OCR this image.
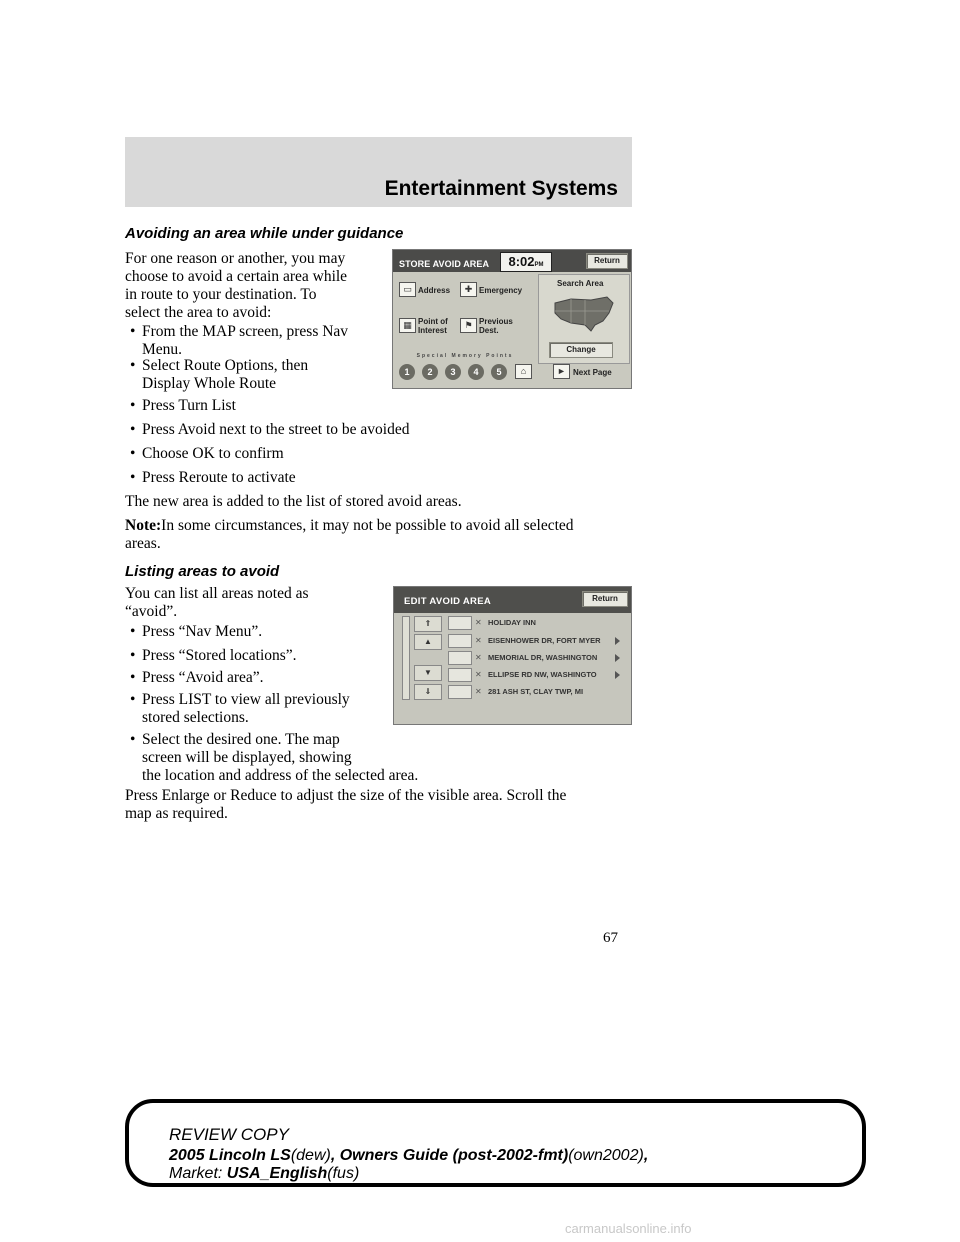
Entertainment Systems
Avoiding an area while under guidance
For one reason or another, you may
choose to avoid a certain area while
in route to your destination. To
select the area to avoid:
• From the MAP screen, press Nav
Menu.
• Select Route Options, then
Display Whole Route
• Press Turn List
• Press Avoid next to the street to be avoided
• Choose OK to confirm
• Press Reroute to activate
The new area is added to the list of stored avoid areas.
Note:In some circumstances, it may not be possible to avoid all selected
areas.
STORE AVOID AREA	8:02PM	Return
▭ Address	✚ Emergency
▦ Point of
Interest
⚑ Previous
Dest.
Special Memory Points
1	2	3	4	5	⌂
Search Area
Change
► Next Page
Listing areas to avoid
You can list all areas noted as
“avoid”.
• Press “Nav Menu”.
• Press “Stored locations”.
• Press “Avoid area”.
• Press LIST to view all previously
stored selections.
• Select the desired one. The map
screen will be displayed, showing
the location and address of the selected area.
Press Enlarge or Reduce to adjust the size of the visible area. Scroll the
map as required.
EDIT AVOID AREA	Return
⇑
▲
▼
⇓
✕ HOLIDAY INN
✕ EISENHOWER DR, FORT MYER
✕ MEMORIAL DR, WASHINGTON
✕ ELLIPSE RD NW, WASHINGTO
✕ 281 ASH ST, CLAY TWP, MI
67
REVIEW COPY
2005 Lincoln LS(dew), Owners Guide (post-2002-fmt)(own2002),
Market: USA_English(fus)
carmanualsonline.info
